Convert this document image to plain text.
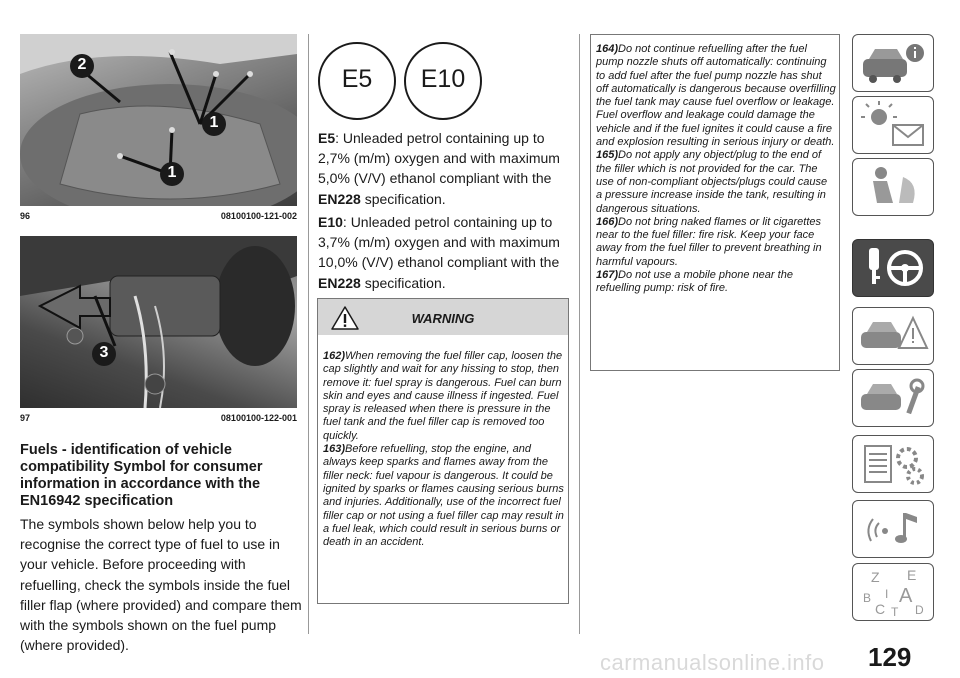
2
1
1
96	08100100-121-002
3
97	08100100-122-001
Fuels - identification of vehicle compatibility Symbol for consumer information in accordance with the EN16942 specification

The symbols shown below help you to recognise the correct type of fuel to use in your vehicle. Before proceeding with refuelling, check the symbols inside the fuel filler flap (where provided) and compare them with the symbols shown on the fuel pump (where provided).

E5	E10

E5: Unleaded petrol containing up to 2,7% (m/m) oxygen and with maximum 5,0% (V/V) ethanol compliant with the EN228 specification.

E10: Unleaded petrol containing up to 3,7% (m/m) oxygen and with maximum 10,0% (V/V) ethanol compliant with the EN228 specification.

WARNING

162)When removing the fuel filler cap, loosen the cap slightly and wait for any hissing to stop, then remove it: fuel spray is dangerous. Fuel can burn skin and eyes and cause illness if ingested. Fuel spray is released when there is pressure in the fuel tank and the fuel filler cap is removed too quickly.

163)Before refuelling, stop the engine, and always keep sparks and flames away from the filler neck: fuel vapour is dangerous. It could be ignited by sparks or flames causing serious burns and injuries. Additionally, use of the incorrect fuel filler cap or not using a fuel filler cap may result in a fuel leak, which could result in serious burns or death in an accident.

164)Do not continue refuelling after the fuel pump nozzle shuts off automatically: continuing to add fuel after the fuel pump nozzle has shut off automatically is dangerous because overfilling the fuel tank may cause fuel overflow or leakage. Fuel overflow and leakage could damage the vehicle and if the fuel ignites it could cause a fire and explosion resulting in serious injury or death.

165)Do not apply any object/plug to the end of the filler which is not provided for the car. The use of non-compliant objects/plugs could cause a pressure increase inside the tank, resulting in dangerous situations.

166)Do not bring naked flames or lit cigarettes near to the fuel filler: fire risk. Keep your face away from the fuel filler to prevent breathing in harmful vapours.

167)Do not use a mobile phone near the refuelling pump: risk of fire.

Z E
B A
I
C T D
carmanualsonline.info 129
